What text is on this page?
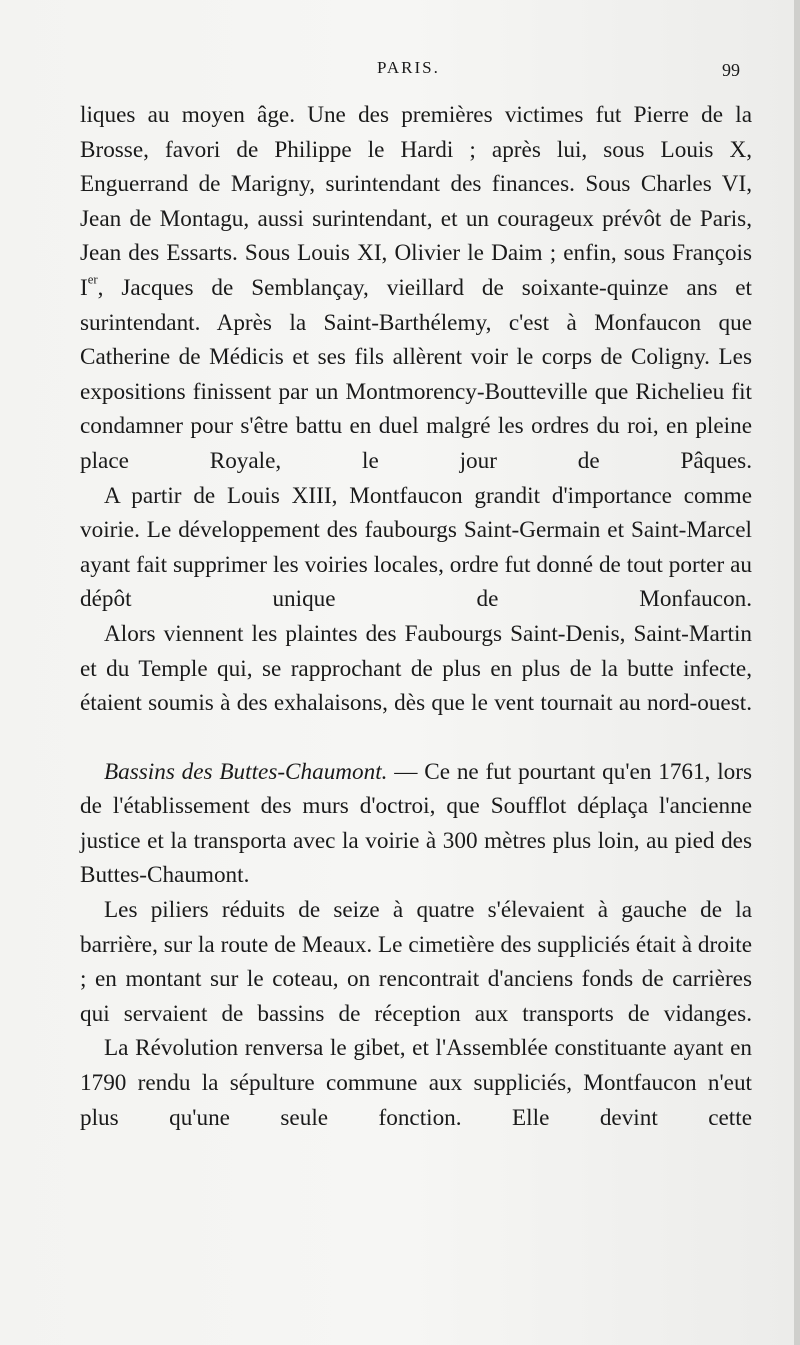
PARIS.	99

liques au moyen âge. Une des premières victimes fut Pierre de la Brosse, favori de Philippe le Hardi ; après lui, sous Louis X, Enguerrand de Marigny, surintendant des finances. Sous Charles VI, Jean de Montagu, aussi surintendant, et un courageux prévôt de Paris, Jean des Essarts. Sous Louis XI, Olivier le Daim ; enfin, sous François Ier, Jacques de Semblançay, vieillard de soixante-quinze ans et surintendant. Après la Saint-Barthélemy, c'est à Monfaucon que Catherine de Médicis et ses fils allèrent voir le corps de Coligny. Les expositions finissent par un Montmorency-Boutteville que Richelieu fit condamner pour s'être battu en duel malgré les ordres du roi, en pleine place Royale, le jour de Pâques.

A partir de Louis XIII, Montfaucon grandit d'importance comme voirie. Le développement des faubourgs Saint-Germain et Saint-Marcel ayant fait supprimer les voiries locales, ordre fut donné de tout porter au dépôt unique de Monfaucon.

Alors viennent les plaintes des Faubourgs Saint-Denis, Saint-Martin et du Temple qui, se rapprochant de plus en plus de la butte infecte, étaient soumis à des exhalaisons, dès que le vent tournait au nord-ouest.

Bassins des Buttes-Chaumont. — Ce ne fut pourtant qu'en 1761, lors de l'établissement des murs d'octroi, que Soufflot déplaça l'ancienne justice et la transporta avec la voirie à 300 mètres plus loin, au pied des Buttes-Chaumont.

Les piliers réduits de seize à quatre s'élevaient à gauche de la barrière, sur la route de Meaux. Le cimetière des suppliciés était à droite ; en montant sur le coteau, on rencontrait d'anciens fonds de carrières qui servaient de bassins de réception aux transports de vidanges.

La Révolution renversa le gibet, et l'Assemblée constituante ayant en 1790 rendu la sépulture commune aux suppliciés, Montfaucon n'eut plus qu'une seule fonction. Elle devint cette
